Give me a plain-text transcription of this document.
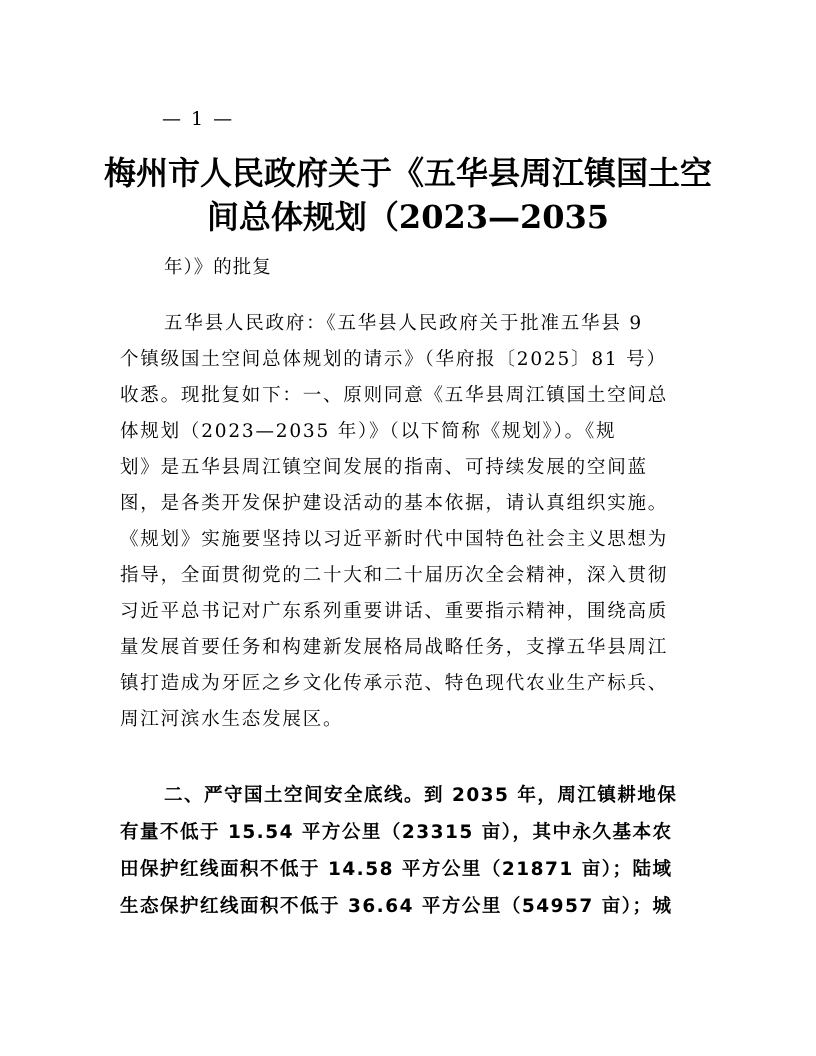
— 1 —
梅州市人民政府关于《五华县周江镇国土空
间总体规划（2023—2035
年）》的批复
五华县人民政府：《五华县人民政府关于批准五华县 9
个镇级国土空间总体规划的请示》（华府报〔2025〕81 号）
收悉。现批复如下：一、原则同意《五华县周江镇国土空间总
体规划（2023—2035 年）》（以下简称《规划》）。《规
划》是五华县周江镇空间发展的指南、可持续发展的空间蓝
图，是各类开发保护建设活动的基本依据，请认真组织实施。
《规划》实施要坚持以习近平新时代中国特色社会主义思想为
指导，全面贯彻党的二十大和二十届历次全会精神，深入贯彻
习近平总书记对广东系列重要讲话、重要指示精神，围绕高质
量发展首要任务和构建新发展格局战略任务，支撑五华县周江
镇打造成为牙匠之乡文化传承示范、特色现代农业生产标兵、
周江河滨水生态发展区。
二、严守国土空间安全底线。到 2035 年，周江镇耕地保
有量不低于 15.54 平方公里（23315 亩），其中永久基本农
田保护红线面积不低于 14.58 平方公里（21871 亩）；陆域
生态保护红线面积不低于 36.64 平方公里（54957 亩）；城
